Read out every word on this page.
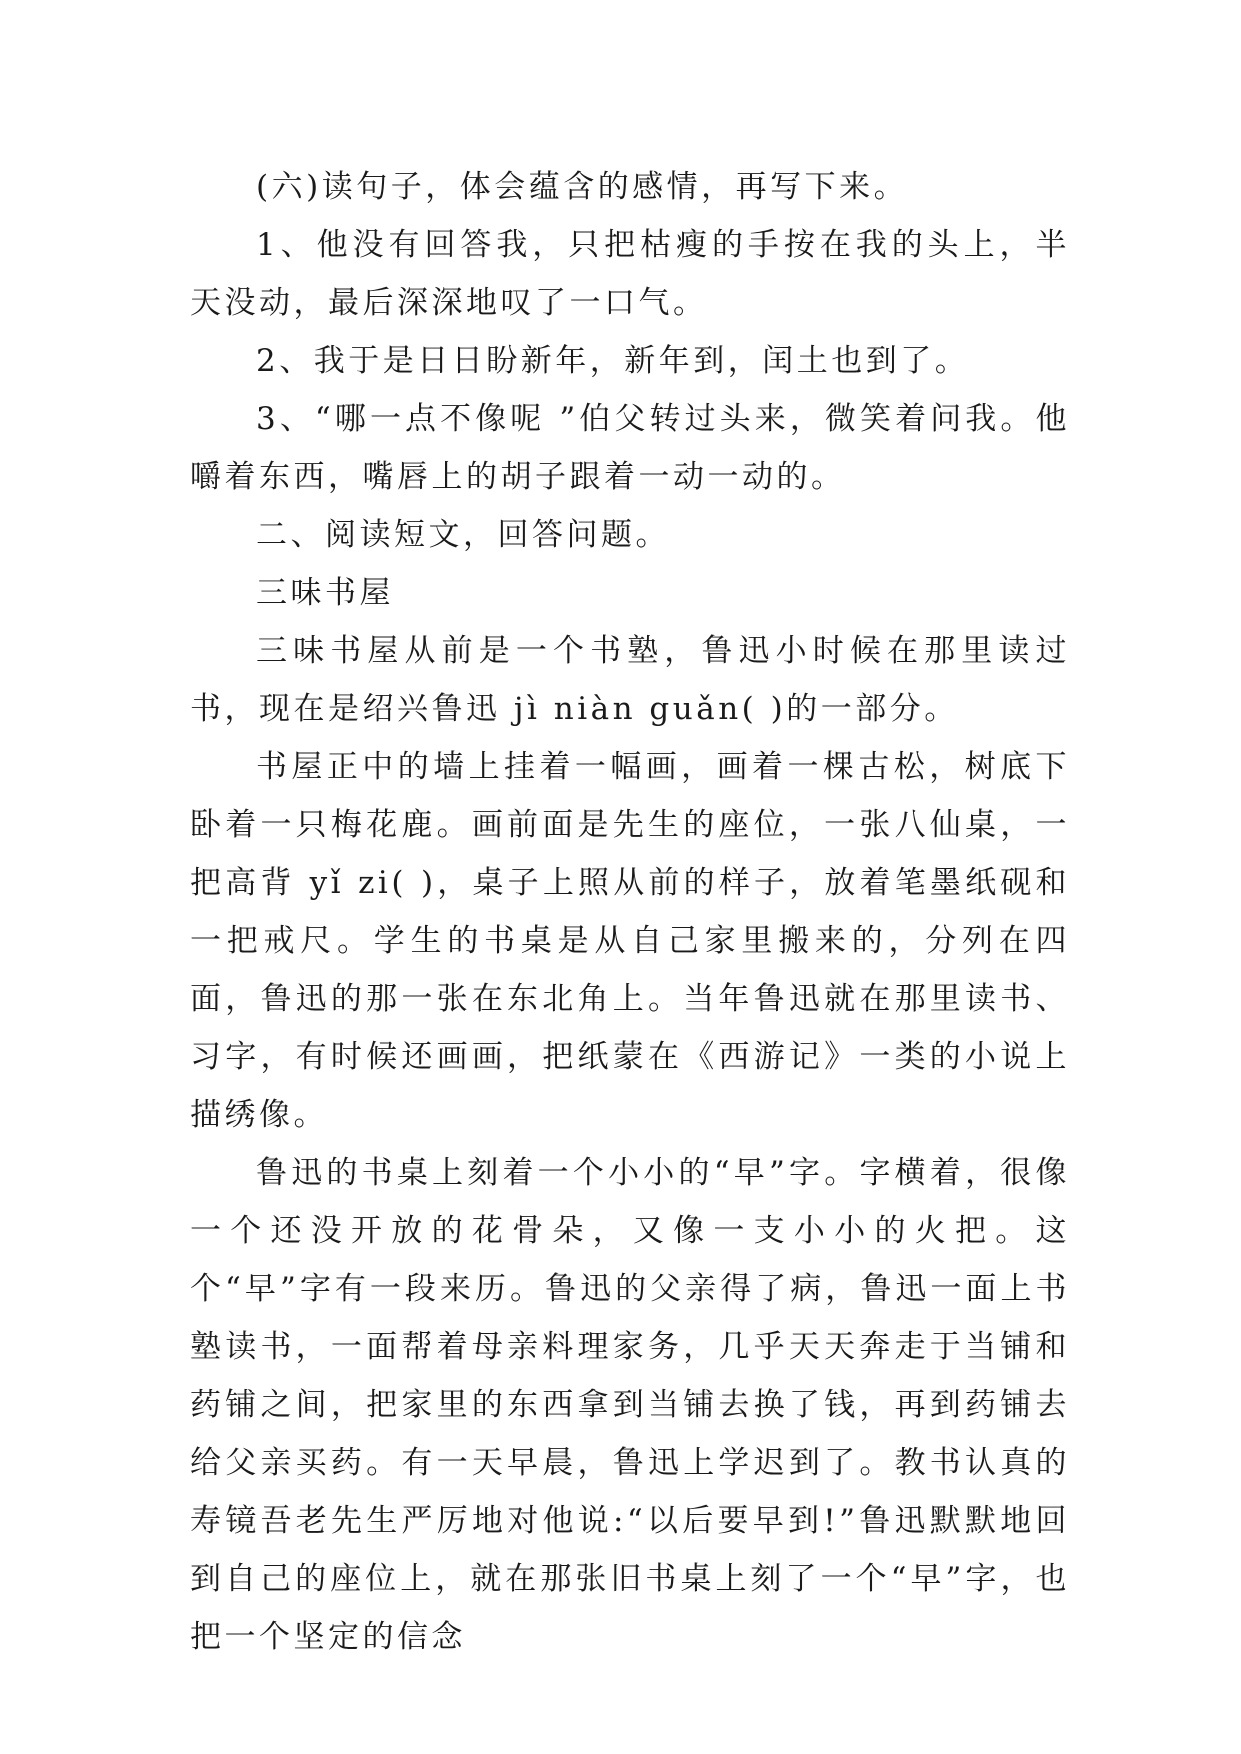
(六)读句子，体会蕴含的感情，再写下来。

1、他没有回答我，只把枯瘦的手按在我的头上，半天没动，最后深深地叹了一口气。

2、我于是日日盼新年，新年到，闰土也到了。

3、“哪一点不像呢 ”伯父转过头来，微笑着问我。他嚼着东西，嘴唇上的胡子跟着一动一动的。

二、阅读短文，回答问题。

三味书屋

三味书屋从前是一个书塾，鲁迅小时候在那里读过书，现在是绍兴鲁迅 jì niàn guǎn( )的一部分。

书屋正中的墙上挂着一幅画，画着一棵古松，树底下卧着一只梅花鹿。画前面是先生的座位，一张八仙桌，一把高背 yǐ zi( )，桌子上照从前的样子，放着笔墨纸砚和一把戒尺。学生的书桌是从自己家里搬来的，分列在四面，鲁迅的那一张在东北角上。当年鲁迅就在那里读书、习字，有时候还画画，把纸蒙在《西游记》一类的小说上描绣像。

鲁迅的书桌上刻着一个小小的“早”字。字横着，很像一个还没开放的花骨朵，又像一支小小的火把。这个“早”字有一段来历。鲁迅的父亲得了病，鲁迅一面上书塾读书，一面帮着母亲料理家务，几乎天天奔走于当铺和药铺之间，把家里的东西拿到当铺去换了钱，再到药铺去给父亲买药。有一天早晨，鲁迅上学迟到了。教书认真的寿镜吾老先生严厉地对他说:“以后要早到!”鲁迅默默地回到自己的座位上，就在那张旧书桌上刻了一个“早”字，也把一个坚定的信念
